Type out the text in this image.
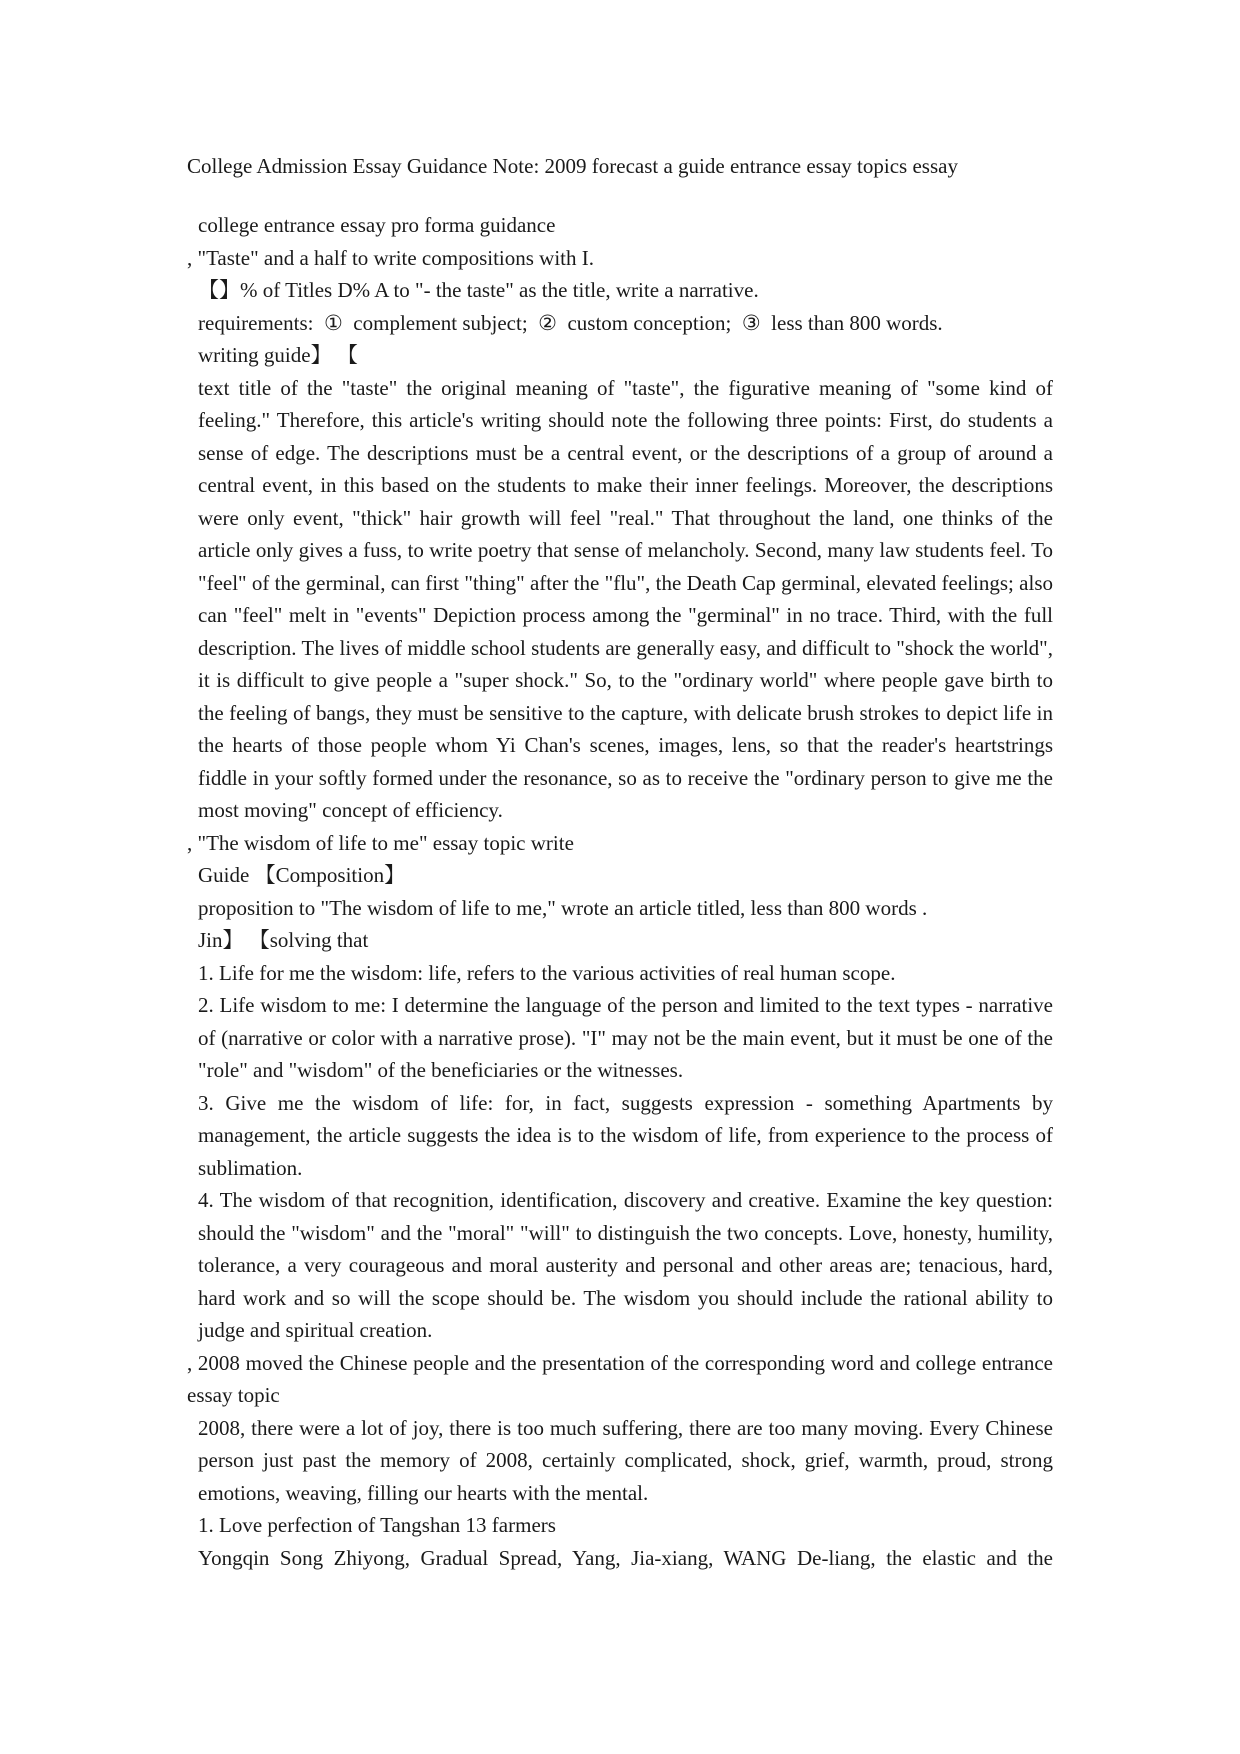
College Admission Essay Guidance Note: 2009 forecast a guide entrance essay topics essay

college entrance essay pro forma guidance

, "Taste" and a half to write compositions with I.

【】% of Titles D% A to "- the taste" as the title, write a narrative.

requirements:  ①  complement subject;  ②  custom conception;  ③  less than 800 words.

writing guide】 【

text title of the "taste" the original meaning of "taste", the figurative meaning of "some kind of feeling." Therefore, this article's writing should note the following three points: First, do students a sense of edge. The descriptions must be a central event, or the descriptions of a group of around a central event, in this based on the students to make their inner feelings. Moreover, the descriptions were only event, "thick" hair growth will feel "real." That throughout the land, one thinks of the article only gives a fuss, to write poetry that sense of melancholy. Second, many law students feel. To "feel" of the germinal, can first "thing" after the "flu", the Death Cap germinal, elevated feelings; also can "feel" melt in "events" Depiction process among the "germinal" in no trace. Third, with the full description. The lives of middle school students are generally easy, and difficult to "shock the world", it is difficult to give people a "super shock." So, to the "ordinary world" where people gave birth to the feeling of bangs, they must be sensitive to the capture, with delicate brush strokes to depict life in the hearts of those people whom Yi Chan's scenes, images, lens, so that the reader's heartstrings fiddle in your softly formed under the resonance, so as to receive the "ordinary person to give me the most moving" concept of efficiency.

, "The wisdom of life to me" essay topic write

Guide 【Composition】

proposition to "The wisdom of life to me," wrote an article titled, less than 800 words .

Jin】 【solving that

1. Life for me the wisdom: life, refers to the various activities of real human scope.

2. Life wisdom to me: I determine the language of the person and limited to the text types - narrative of (narrative or color with a narrative prose). "I" may not be the main event, but it must be one of the "role" and "wisdom" of the beneficiaries or the witnesses.

3. Give me the wisdom of life: for, in fact, suggests expression - something Apartments by management, the article suggests the idea is to the wisdom of life, from experience to the process of sublimation.

4. The wisdom of that recognition, identification, discovery and creative. Examine the key question: should the "wisdom" and the "moral" "will" to distinguish the two concepts. Love, honesty, humility, tolerance, a very courageous and moral austerity and personal and other areas are; tenacious, hard, hard work and so will the scope should be. The wisdom you should include the rational ability to judge and spiritual creation.

, 2008 moved the Chinese people and the presentation of the corresponding word and college entrance essay topic

2008, there were a lot of joy, there is too much suffering, there are too many moving. Every Chinese person just past the memory of 2008, certainly complicated, shock, grief, warmth, proud, strong emotions, weaving, filling our hearts with the mental.

1. Love perfection of Tangshan 13 farmers

Yongqin Song Zhiyong, Gradual Spread, Yang, Jia-xiang, WANG De-liang, the elastic and the
